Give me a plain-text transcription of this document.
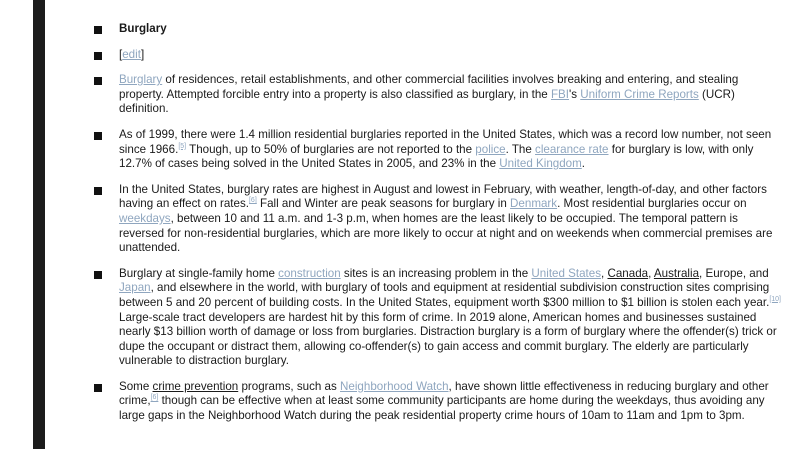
Burglary
[edit]
Burglary of residences, retail establishments, and other commercial facilities involves breaking and entering, and stealing property. Attempted forcible entry into a property is also classified as burglary, in the FBI's Uniform Crime Reports (UCR) definition.
As of 1999, there were 1.4 million residential burglaries reported in the United States, which was a record low number, not seen since 1966.[5] Though, up to 50% of burglaries are not reported to the police. The clearance rate for burglary is low, with only 12.7% of cases being solved in the United States in 2005, and 23% in the United Kingdom.
In the United States, burglary rates are highest in August and lowest in February, with weather, length-of-day, and other factors having an effect on rates.[6] Fall and Winter are peak seasons for burglary in Denmark. Most residential burglaries occur on weekdays, between 10 and 11 a.m. and 1-3 p.m, when homes are the least likely to be occupied. The temporal pattern is reversed for non-residential burglaries, which are more likely to occur at night and on weekends when commercial premises are unattended.
Burglary at single-family home construction sites is an increasing problem in the United States, Canada, Australia, Europe, and Japan, and elsewhere in the world, with burglary of tools and equipment at residential subdivision construction sites comprising between 5 and 20 percent of building costs. In the United States, equipment worth $300 million to $1 billion is stolen each year.[10] Large-scale tract developers are hardest hit by this form of crime. In 2019 alone, American homes and businesses sustained nearly $13 billion worth of damage or loss from burglaries. Distraction burglary is a form of burglary where the offender(s) trick or dupe the occupant or distract them, allowing co-offender(s) to gain access and commit burglary. The elderly are particularly vulnerable to distraction burglary.
Some crime prevention programs, such as Neighborhood Watch, have shown little effectiveness in reducing burglary and other crime,[6] though can be effective when at least some community participants are home during the weekdays, thus avoiding any large gaps in the Neighborhood Watch during the peak residential property crime hours of 10am to 11am and 1pm to 3pm.
